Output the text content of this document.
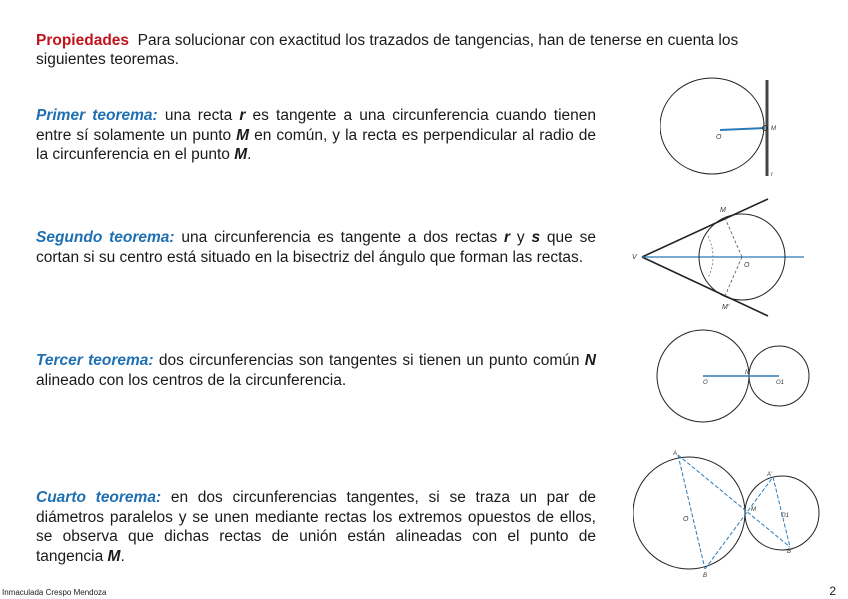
Propiedades Para solucionar con exactitud los trazados de tangencias, han de tenerse en cuenta los siguientes teoremas.
Primer teorema: una recta r es tangente a una circunferencia cuando tienen entre sí solamente un punto M en común, y la recta es perpendicular al radio de la circunferencia en el punto M.
Segundo teorema: una circunferencia es tangente a dos rectas r y s que se cortan si su centro está situado en la bisectriz del ángulo que forman las rectas.
Tercer teorema: dos circunferencias son tangentes si tienen un punto común N alineado con los centros de la circunferencia.
Cuarto teorema: en dos circunferencias tangentes, si se traza un par de diámetros paralelos y se unen mediante rectas los extremos opuestos de ellos, se observa que dichas rectas de unión están alineadas con el punto de tangencia M.
O
M
r
M
V
O
M'
O
N
O1
A
A'
O
M
O1
B
B'
Inmaculada Crespo Mendoza	2
